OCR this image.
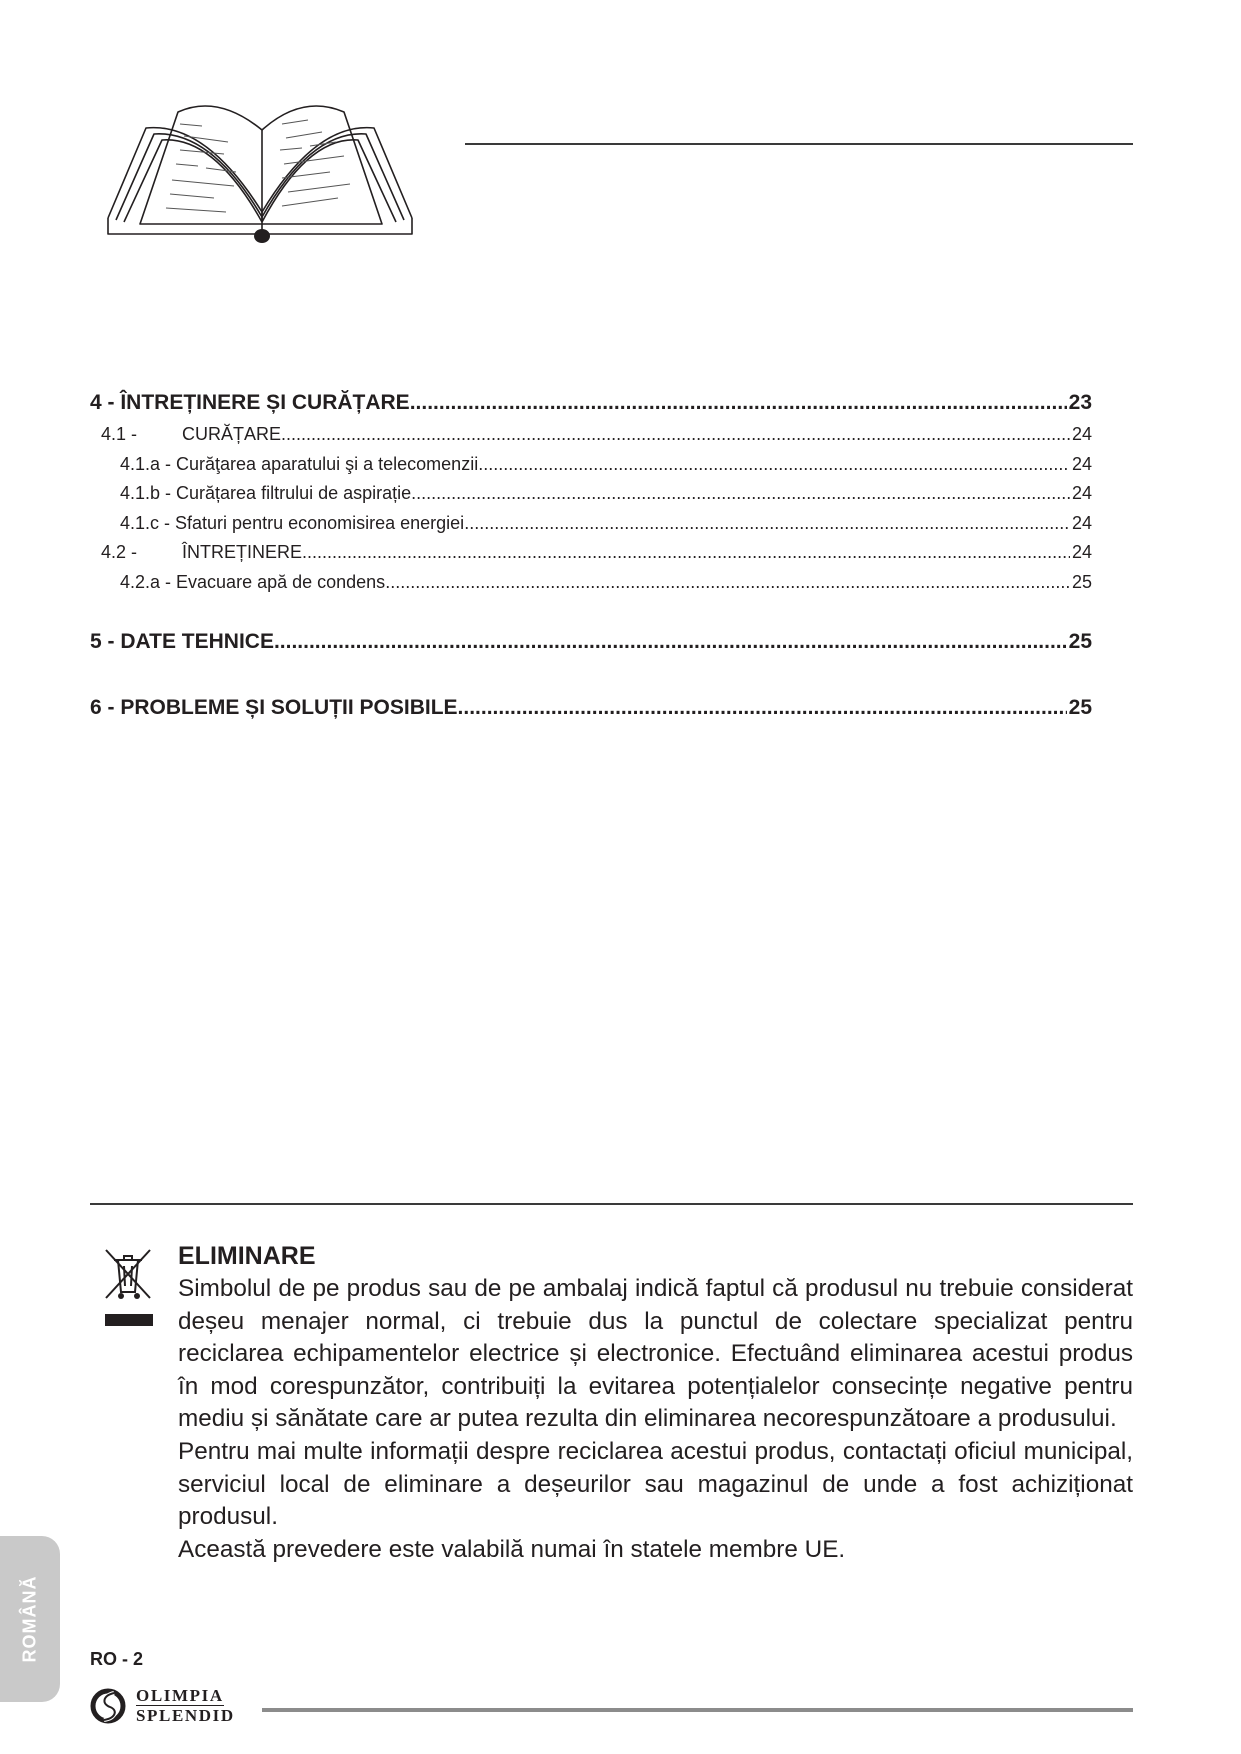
4 - ÎNTREȚINERE ȘI CURĂȚARE .....	23
4.1 - CURĂȚARE .....	24
4.1.a - Curăţarea aparatului şi a telecomenzii .....	24
4.1.b - Curățarea filtrului de aspirație .....	24
4.1.c - Sfaturi pentru economisirea energiei .....	24
4.2 - ÎNTREȚINERE .....	24
4.2.a - Evacuare apă de condens .....	25
5 - DATE TEHNICE .....	25
6 - PROBLEME ȘI SOLUȚII POSIBILE .....	25
ELIMINARE

Simbolul de pe produs sau de pe ambalaj indică faptul că produsul nu trebuie considerat deșeu menajer normal, ci trebuie dus la punctul de colectare specializat pentru reciclarea echipamentelor electrice și electronice. Efectuând eliminarea acestui produs în mod corespunzător, contribuiți la evitarea potențialelor consecințe negative pentru mediu și sănătate care ar putea rezulta din eliminarea necorespunzătoare a produsului.

Pentru mai multe informații despre reciclarea acestui produs, contactați oficiul municipal, serviciul local de eliminare a deșeurilor sau magazinul de unde a fost achiziționat produsul.

Această prevedere este valabilă numai în statele membre UE.

ROMÂNĂ	RO - 2
OLIMPIA
SPLENDID
